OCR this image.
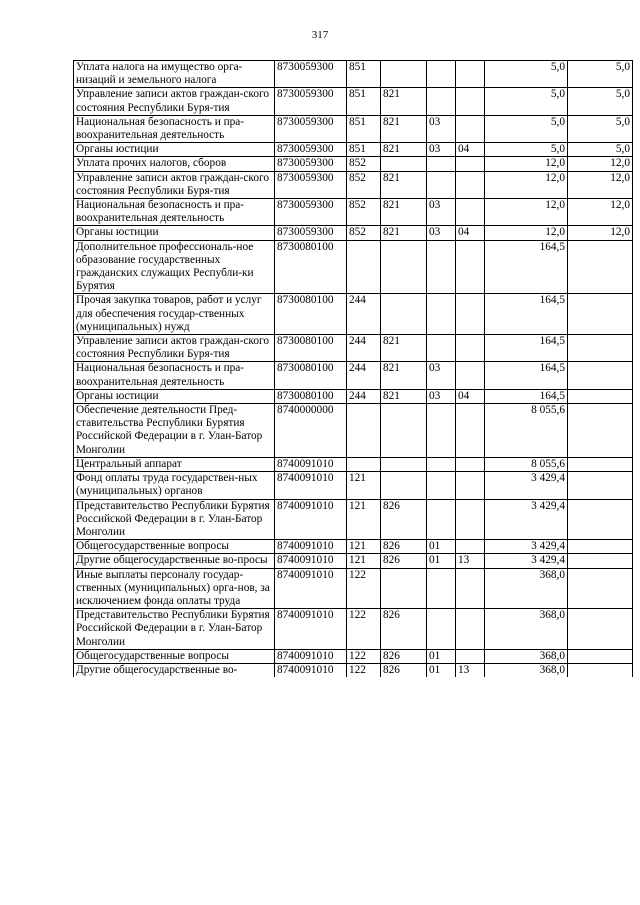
317
Уплата налога на имущество орга-низаций и земельного налога	8730059300	851				5,0	5,0
Управление записи актов граждан-ского состояния Республики Буря-тия	8730059300	851	821			5,0	5,0
Национальная безопасность и пра-воохранительная деятельность	8730059300	851	821	03		5,0	5,0
Органы юстиции	8730059300	851	821	03	04	5,0	5,0
Уплата прочих налогов, сборов	8730059300	852				12,0	12,0
Управление записи актов граждан-ского состояния Республики Буря-тия	8730059300	852	821			12,0	12,0
Национальная безопасность и пра-воохранительная деятельность	8730059300	852	821	03		12,0	12,0
Органы юстиции	8730059300	852	821	03	04	12,0	12,0
Дополнительное профессиональ-ное образование государственных гражданских служащих Республи-ки Бурятия	8730080100					164,5	
Прочая закупка товаров, работ и услуг для обеспечения государ-ственных (муниципальных) нужд	8730080100	244				164,5	
Управление записи актов граждан-ского состояния Республики Буря-тия	8730080100	244	821			164,5	
Национальная безопасность и пра-воохранительная деятельность	8730080100	244	821	03		164,5	
Органы юстиции	8730080100	244	821	03	04	164,5	
Обеспечение деятельности Пред-ставительства Республики Бурятия Российской Федерации в г. Улан-Батор Монголии	8740000000					8 055,6	
Центральный аппарат	8740091010					8 055,6	
Фонд оплаты труда государствен-ных (муниципальных) органов	8740091010	121				3 429,4	
Представительство Республики Бурятия Российской Федерации в г. Улан-Батор Монголии	8740091010	121	826			3 429,4	
Общегосударственные вопросы	8740091010	121	826	01		3 429,4	
Другие общегосударственные во-просы	8740091010	121	826	01	13	3 429,4	
Иные выплаты персоналу государ-ственных (муниципальных) орга-нов, за исключением фонда оплаты труда	8740091010	122				368,0	
Представительство Республики Бурятия Российской Федерации в г. Улан-Батор Монголии	8740091010	122	826			368,0	
Общегосударственные вопросы	8740091010	122	826	01		368,0	
Другие общегосударственные во-	8740091010	122	826	01	13	368,0	
